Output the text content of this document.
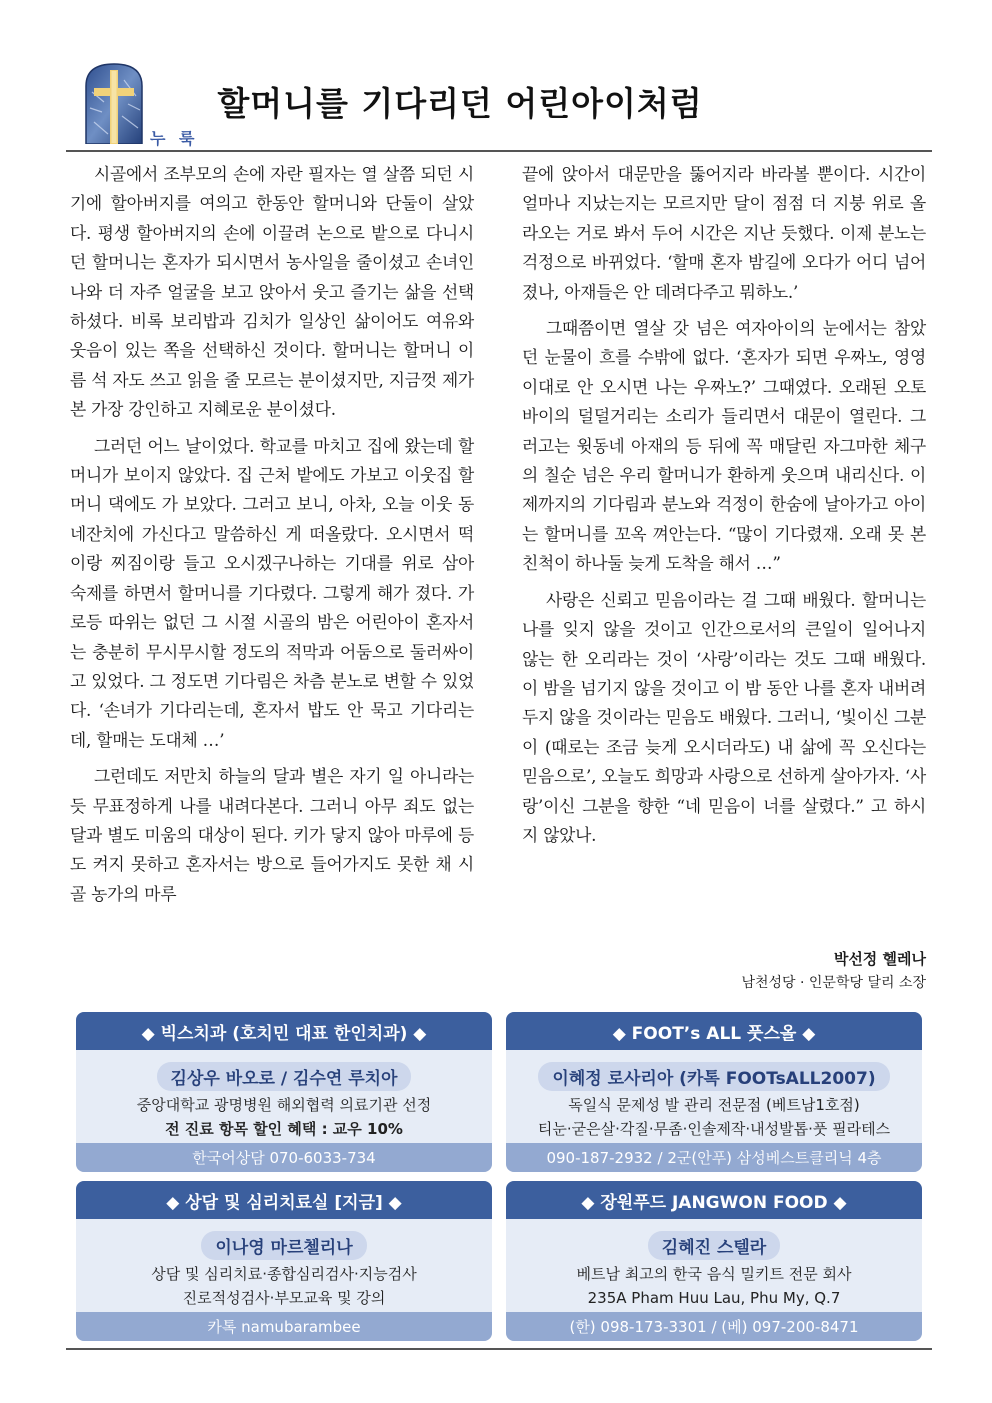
누 룩
할머니를 기다리던 어린아이처럼

시골에서 조부모의 손에 자란 필자는 열 살쯤 되던 시기에 할아버지를 여의고 한동안 할머니와 단둘이 살았다. 평생 할아버지의 손에 이끌려 논으로 밭으로 다니시던 할머니는 혼자가 되시면서 농사일을 줄이셨고 손녀인 나와 더 자주 얼굴을 보고 앉아서 웃고 즐기는 삶을 선택하셨다. 비록 보리밥과 김치가 일상인 삶이어도 여유와 웃음이 있는 쪽을 선택하신 것이다. 할머니는 할머니 이름 석 자도 쓰고 읽을 줄 모르는 분이셨지만, 지금껏 제가 본 가장 강인하고 지혜로운 분이셨다.

그러던 어느 날이었다. 학교를 마치고 집에 왔는데 할머니가 보이지 않았다. 집 근처 밭에도 가보고 이웃집 할머니 댁에도 가 보았다. 그러고 보니, 아차, 오늘 이웃 동네잔치에 가신다고 말씀하신 게 떠올랐다. 오시면서 떡이랑 찌짐이랑 들고 오시겠구나하는 기대를 위로 삼아 숙제를 하면서 할머니를 기다렸다. 그렇게 해가 졌다. 가로등 따위는 없던 그 시절 시골의 밤은 어린아이 혼자서는 충분히 무시무시할 정도의 적막과 어둠으로 둘러싸이고 있었다. 그 정도면 기다림은 차츰 분노로 변할 수 있었다. ‘손녀가 기다리는데, 혼자서 밥도 안 묵고 기다리는데, 할매는 도대체 …’

그런데도 저만치 하늘의 달과 별은 자기 일 아니라는 듯 무표정하게 나를 내려다본다. 그러니 아무 죄도 없는 달과 별도 미움의 대상이 된다. 키가 닿지 않아 마루에 등도 켜지 못하고 혼자서는 방으로 들어가지도 못한 채 시골 농가의 마루

끝에 앉아서 대문만을 뚫어지라 바라볼 뿐이다. 시간이 얼마나 지났는지는 모르지만 달이 점점 더 지붕 위로 올라오는 거로 봐서 두어 시간은 지난 듯했다. 이제 분노는 걱정으로 바뀌었다. ‘할매 혼자 밤길에 오다가 어디 넘어졌나, 아재들은 안 데려다주고 뭐하노.’

그때쯤이면 열살 갓 넘은 여자아이의 눈에서는 참았던 눈물이 흐를 수밖에 없다. ‘혼자가 되면 우짜노, 영영 이대로 안 오시면 나는 우짜노?’ 그때였다. 오래된 오토바이의 덜덜거리는 소리가 들리면서 대문이 열린다. 그러고는 윗동네 아재의 등 뒤에 꼭 매달린 자그마한 체구의 칠순 넘은 우리 할머니가 환하게 웃으며 내리신다. 이제까지의 기다림과 분노와 걱정이 한숨에 날아가고 아이는 할머니를 꼬옥 껴안는다. “많이 기다렸재. 오래 못 본 친척이 하나둘 늦게 도착을 해서 …”

사랑은 신뢰고 믿음이라는 걸 그때 배웠다. 할머니는 나를 잊지 않을 것이고 인간으로서의 큰일이 일어나지 않는 한 오리라는 것이 ‘사랑’이라는 것도 그때 배웠다. 이 밤을 넘기지 않을 것이고 이 밤 동안 나를 혼자 내버려두지 않을 것이라는 믿음도 배웠다. 그러니, ‘빛이신 그분이 (때로는 조금 늦게 오시더라도) 내 삶에 꼭 오신다는 믿음으로’, 오늘도 희망과 사랑으로 선하게 살아가자. ‘사랑’이신 그분을 향한 “네 믿음이 너를 살렸다.” 고 하시지 않았나.

박선정 헬레나
남천성당 · 인문학당 달리 소장
◆ 빅스치과 (호치민 대표 한인치과) ◆
김상우 바오로 / 김수연 루치아
중앙대학교 광명병원 해외협력 의료기관 선정
전 진료 항목 할인 혜택 : 교우 10%
한국어상담 070-6033-734
◆ FOOT’s ALL 풋스올 ◆
이혜정 로사리아 (카톡 FOOTsALL2007)
독일식 문제성 발 관리 전문점 (베트남1호점)
티눈·굳은살·각질·무좀·인솔제작·내성발톱·풋 필라테스
090-187-2932 / 2군(안푸) 삼성베스트클리닉 4층
◆ 상담 및 심리치료실 [지금] ◆
이나영 마르첼리나
상담 및 심리치료·종합심리검사·지능검사
진로적성검사·부모교육 및 강의
카톡 namubarambee
◆ 장원푸드 JANGWON FOOD ◆
김혜진 스텔라
베트남 최고의 한국 음식 밀키트 전문 회사
235A Pham Huu Lau, Phu My, Q.7
(한) 098-173-3301 / (베) 097-200-8471
